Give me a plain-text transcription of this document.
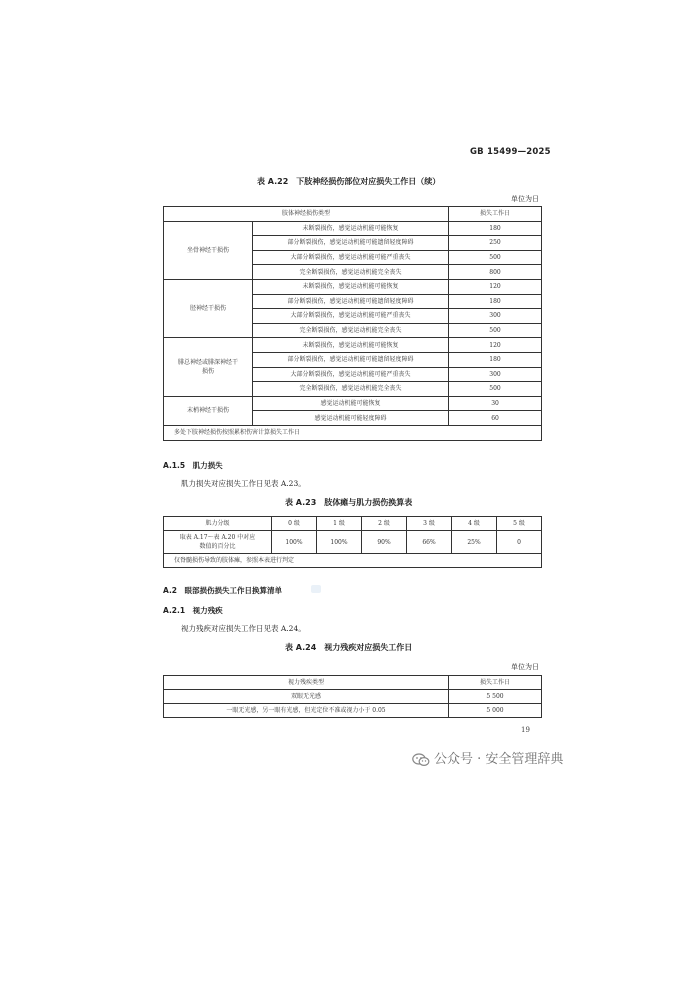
GB 15499—2025
表 A.22　下肢神经损伤部位对应损失工作日（续）
单位为日
肢体神经损伤类型		损失工作日
坐骨神经干损伤	未断裂损伤，感觉运动机能可能恢复	180
	部分断裂损伤，感觉运动机能可能遗留轻度障碍	250
	大部分断裂损伤，感觉运动机能可能严重丧失	500
	完全断裂损伤，感觉运动机能完全丧失	800
胫神经干损伤	未断裂损伤，感觉运动机能可能恢复	120
	部分断裂损伤，感觉运动机能可能遗留轻度障碍	180
	大部分断裂损伤，感觉运动机能可能严重丧失	300
	完全断裂损伤，感觉运动机能完全丧失	500
腓总神经或腓深神经干
损伤	未断裂损伤，感觉运动机能可能恢复	120
	部分断裂损伤，感觉运动机能可能遗留轻度障碍	180
	大部分断裂损伤，感觉运动机能可能严重丧失	300
	完全断裂损伤，感觉运动机能完全丧失	500
末梢神经干损伤	感觉运动机能可能恢复	30
	感觉运动机能可能轻度障碍	60
多处下肢神经损伤按照累积伤害计算损失工作日		
A.1.5　肌力损失
肌力损失对应损失工作日见表 A.23。
表 A.23　肢体瘫与肌力损伤换算表
肌力分级	0 级	1 级	2 级	3 级	4 级	5 级
取表 A.17～表 A.20 中对应
数值的百分比	100%	100%	90%	66%	25%	0
仅脊髓损伤导致的肢体瘫，参照本表进行判定						
A.2　眼部损伤损失工作日换算清单
A.2.1　视力残疾
视力残疾对应损失工作日见表 A.24。
表 A.24　视力残疾对应损失工作日
单位为日
视力残疾类型	损失工作日
双眼无光感	5 500
一眼无光感，另一眼有光感，但光定位不准或视力小于 0.05	5 000
19
公众号 · 安全管理辞典
